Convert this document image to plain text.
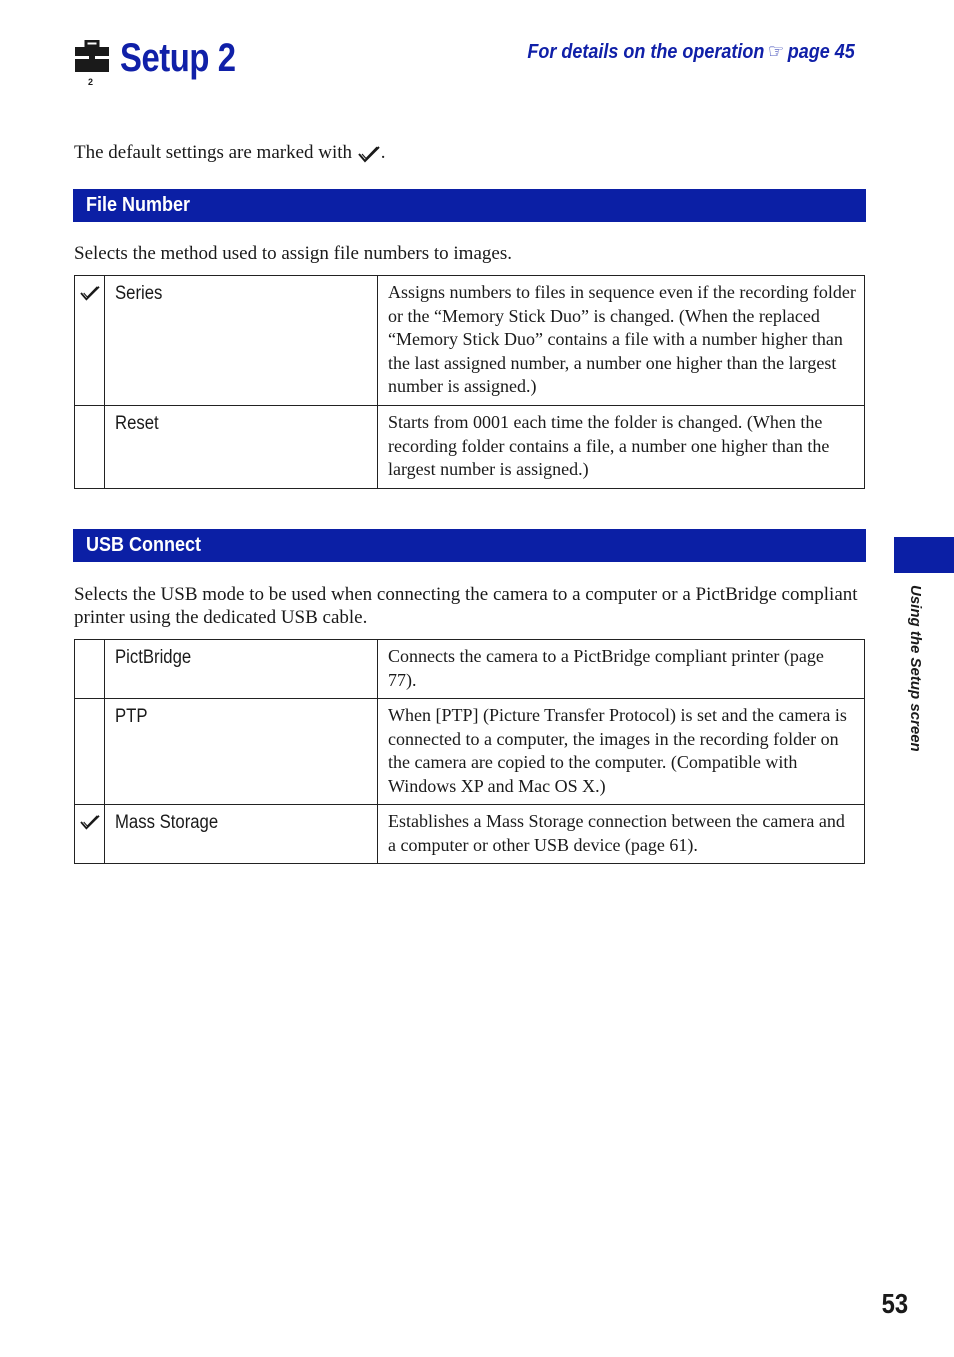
2
Setup 2	For details on the operation ☞ page 45

The default settings are marked with .

File Number

Selects the method used to assign file numbers to images.

	Series	Assigns numbers to files in sequence even if the recording folder or the “Memory Stick Duo” is changed. (When the replaced “Memory Stick Duo” contains a file with a number higher than the last assigned number, a number one higher than the largest number is assigned.)
	Reset	Starts from 0001 each time the folder is changed. (When the recording folder contains a file, a number one higher than the largest number is assigned.)
USB Connect

Selects the USB mode to be used when connecting the camera to a computer or a PictBridge compliant printer using the dedicated USB cable.

	PictBridge	Connects the camera to a PictBridge compliant printer (page 77).
	PTP	When [PTP] (Picture Transfer Protocol) is set and the camera is connected to a computer, the images in the recording folder on the camera are copied to the computer. (Compatible with Windows XP and Mac OS X.)
	Mass Storage	Establishes a Mass Storage connection between the camera and a computer or other USB device (page 61).
Using the Setup screen
53
